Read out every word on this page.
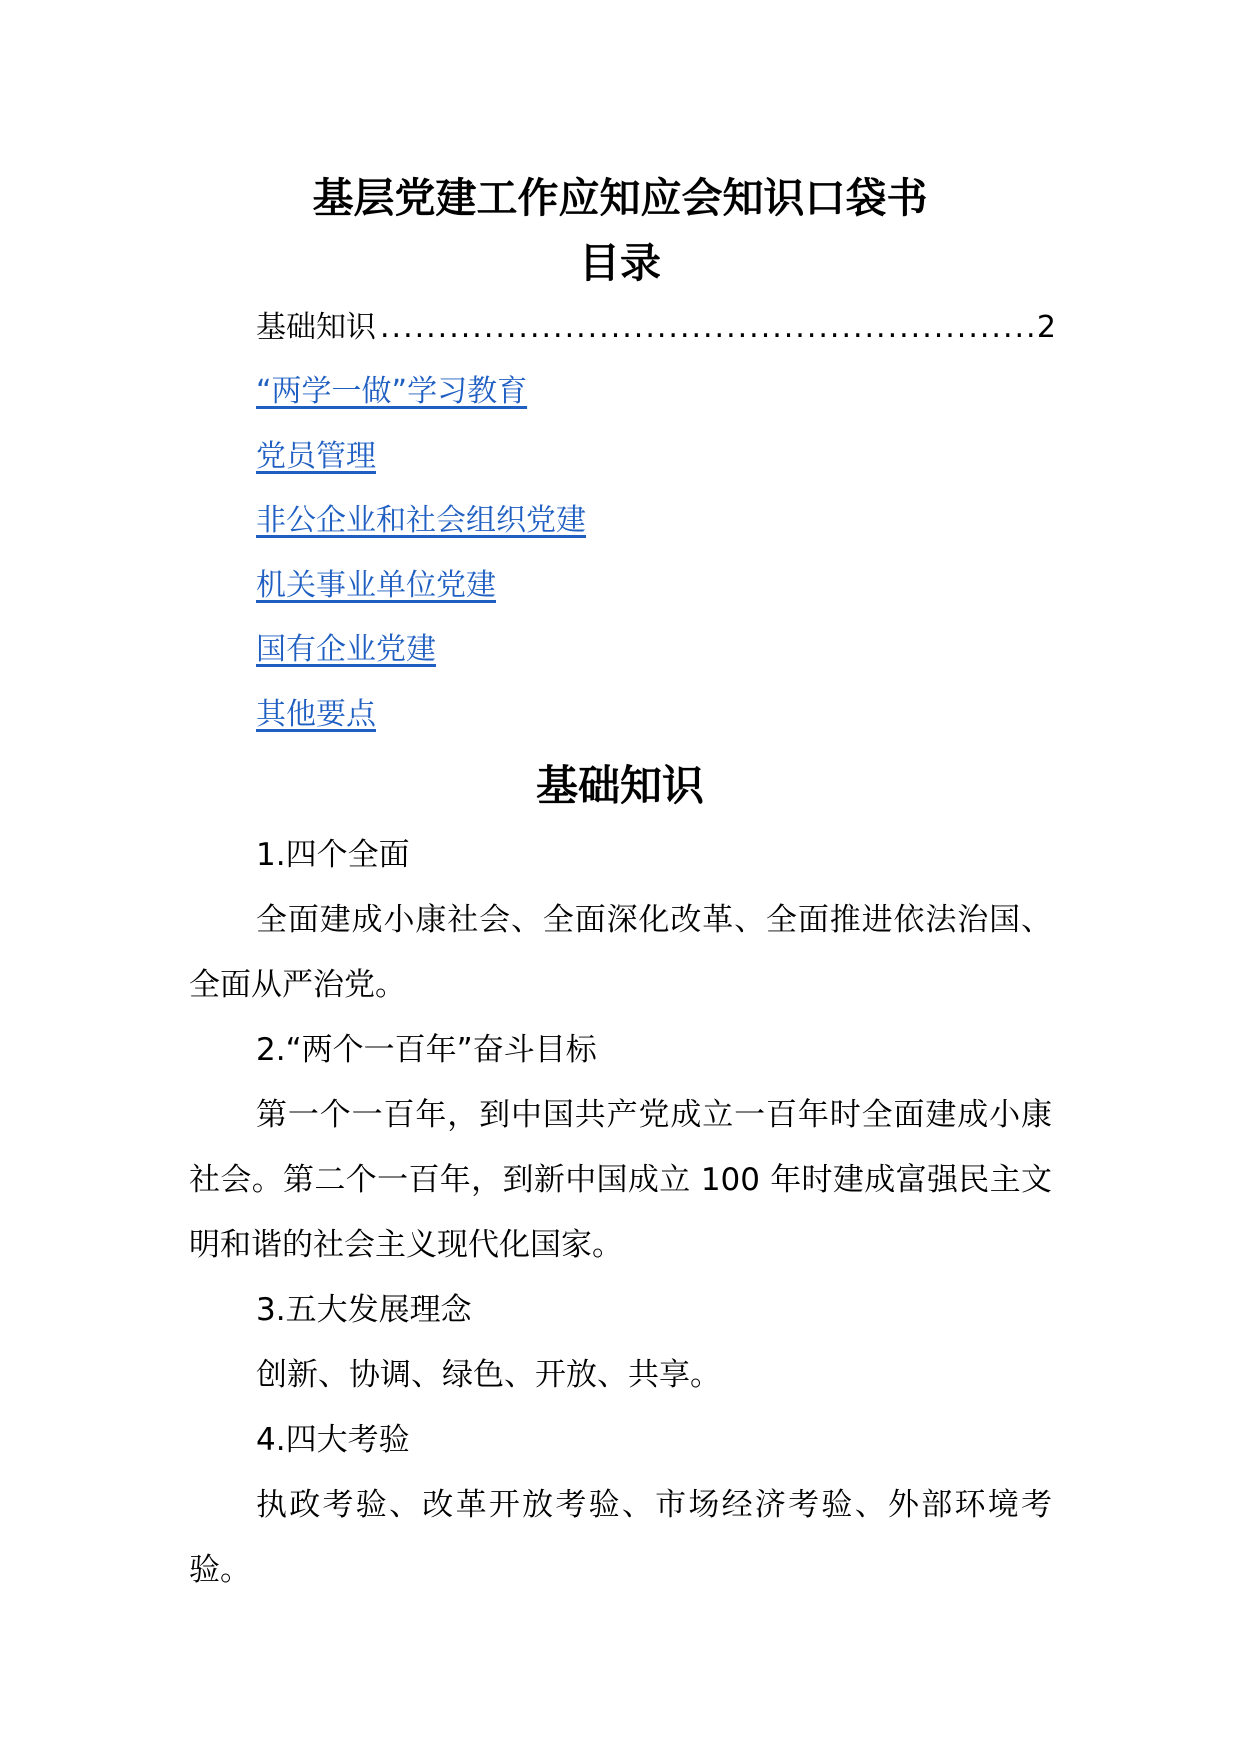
基层党建工作应知应会知识口袋书
目录
基础知识
.....	2
“两学一做”学习教育
党员管理
非公企业和社会组织党建
机关事业单位党建
国有企业党建
其他要点
基础知识

1.四个全面

全面建成小康社会、全面深化改革、全面推进依法治国、全面从严治党。

2.“两个一百年”奋斗目标

第一个一百年，到中国共产党成立一百年时全面建成小康社会。第二个一百年，到新中国成立 100 年时建成富强民主文明和谐的社会主义现代化国家。

3.五大发展理念

创新、协调、绿色、开放、共享。

4.四大考验

执政考验、改革开放考验、市场经济考验、外部环境考验。
